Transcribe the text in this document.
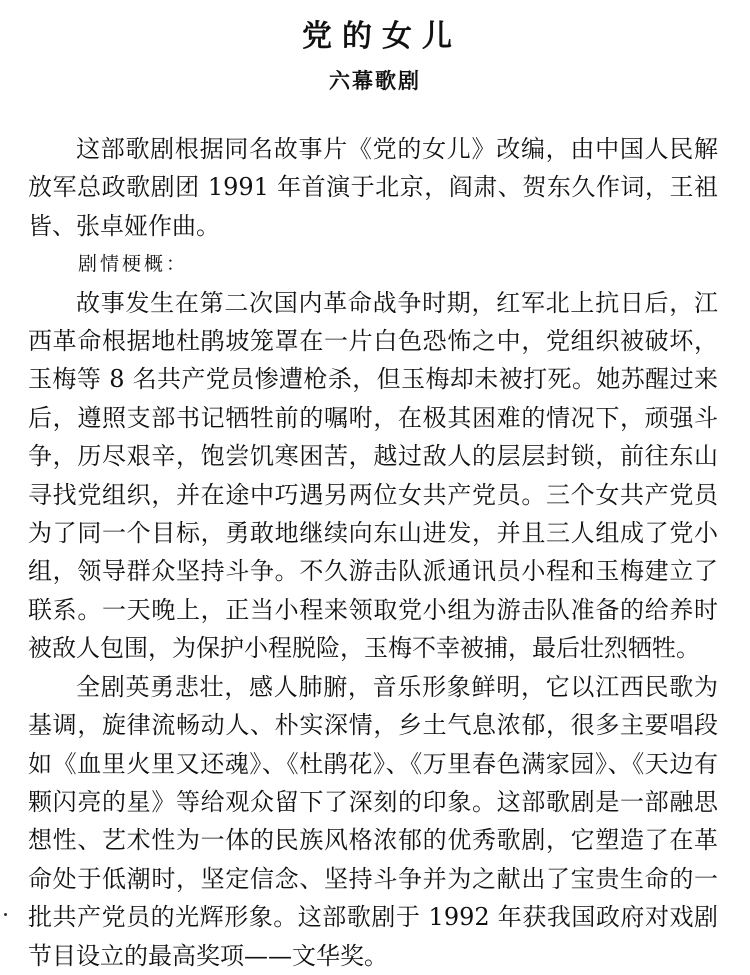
党的女儿
六幕歌剧

这部歌剧根据同名故事片《党的女儿》改编，由中国人民解放军总政歌剧团 1991 年首演于北京，阎肃、贺东久作词，王祖皆、张卓娅作曲。

剧情梗概：

故事发生在第二次国内革命战争时期，红军北上抗日后，江西革命根据地杜鹃坡笼罩在一片白色恐怖之中，党组织被破坏，玉梅等 8 名共产党员惨遭枪杀，但玉梅却未被打死。她苏醒过来后，遵照支部书记牺牲前的嘱咐，在极其困难的情况下，顽强斗争，历尽艰辛，饱尝饥寒困苦，越过敌人的层层封锁，前往东山寻找党组织，并在途中巧遇另两位女共产党员。三个女共产党员为了同一个目标，勇敢地继续向东山进发，并且三人组成了党小组，领导群众坚持斗争。不久游击队派通讯员小程和玉梅建立了联系。一天晚上，正当小程来领取党小组为游击队准备的给养时被敌人包围，为保护小程脱险，玉梅不幸被捕，最后壮烈牺牲。

全剧英勇悲壮，感人肺腑，音乐形象鲜明，它以江西民歌为基调，旋律流畅动人、朴实深情，乡土气息浓郁，很多主要唱段如《血里火里又还魂》、《杜鹃花》、《万里春色满家园》、《天边有颗闪亮的星》等给观众留下了深刻的印象。这部歌剧是一部融思想性、艺术性为一体的民族风格浓郁的优秀歌剧，它塑造了在革命处于低潮时，坚定信念、坚持斗争并为之献出了宝贵生命的一批共产党员的光辉形象。这部歌剧于 1992 年获我国政府对戏剧节目设立的最高奖项——文华奖。
